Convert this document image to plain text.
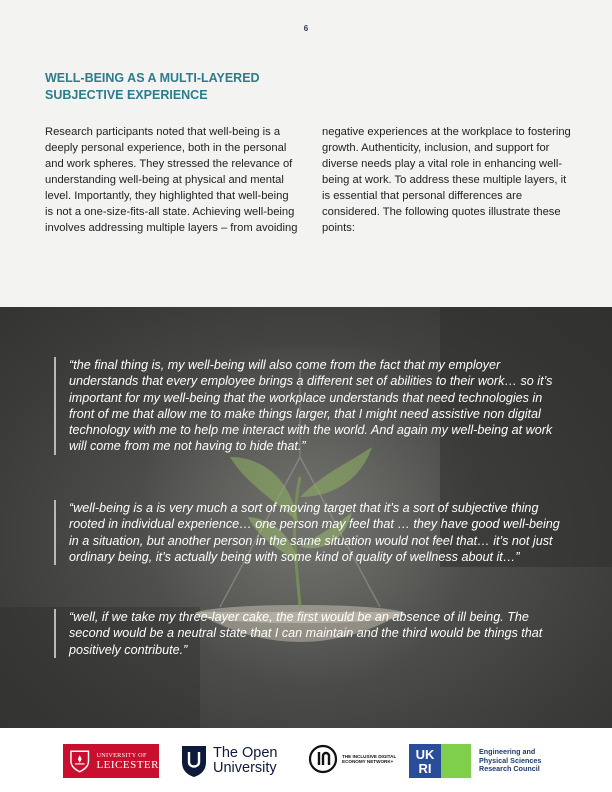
6
WELL-BEING AS A MULTI-LAYERED SUBJECTIVE EXPERIENCE

Research participants noted that well-being is a deeply personal experience, both in the personal and work spheres. They stressed the relevance of understanding well-being at physical and mental level. Importantly, they highlighted that well-being is not a one-size-fits-all state. Achieving well-being involves addressing multiple layers – from avoiding negative experiences at the workplace to fostering growth. Authenticity, inclusion, and support for diverse needs play a vital role in enhancing well-being at work. To address these multiple layers, it is essential that personal differences are considered. The following quotes illustrate these points:

“the final thing is, my well-being will also come from the fact that my employer understands that every employee brings a different set of abilities to their work… so it’s important for my well-being that the workplace understands that need technologies in front of me that allow me to make things larger, that I might need assistive non digital technology with me to help me interact with the world. And again my well-being at work will come from me not having to hide that.”

“well-being is a is very much a sort of moving target that it’s a sort of subjective thing rooted in individual experience… one person may feel that … they have good well-being in a situation, but another person in the same situation would not feel that… it’s not just ordinary being, it’s actually being with some kind of quality of wellness about it…”

“well, if we take my three-layer cake, the first would be an absence of ill being. The second would be a neutral state that I can maintain and the third would be things that positively contribute.”

UNIVERSITY OF
LEICESTER
The Open
University
THE INCLUSIVE DIGITAL ECONOMY NETWORK+	UK
RI
Engineering and
Physical Sciences
Research Council
